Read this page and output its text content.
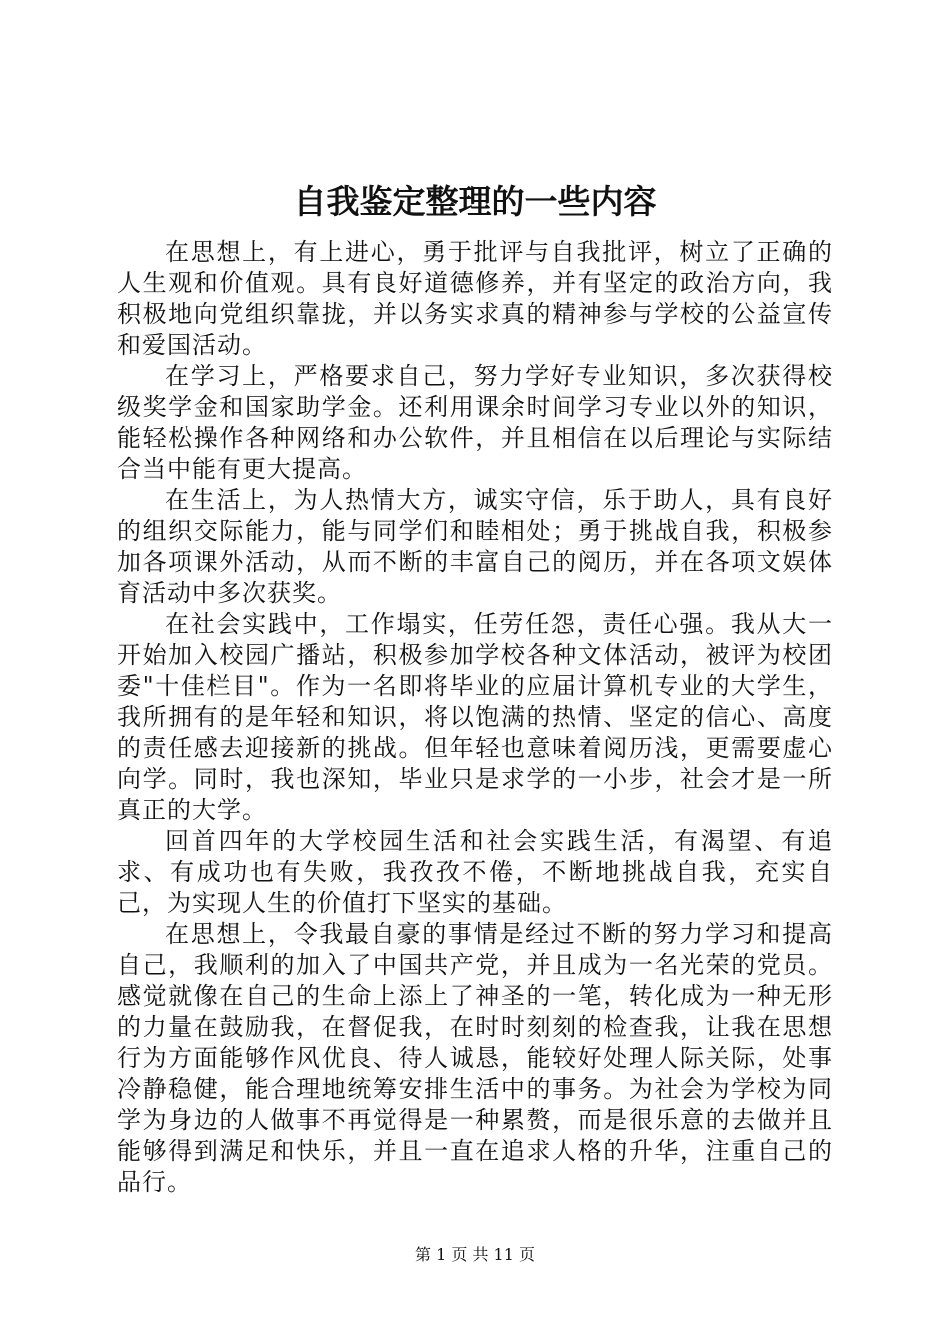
自我鉴定整理的一些内容

在思想上，有上进心，勇于批评与自我批评，树立了正确的人生观和价值观。具有良好道德修养，并有坚定的政治方向，我积极地向党组织靠拢，并以务实求真的精神参与学校的公益宣传和爱国活动。

在学习上，严格要求自己，努力学好专业知识，多次获得校级奖学金和国家助学金。还利用课余时间学习专业以外的知识，能轻松操作各种网络和办公软件，并且相信在以后理论与实际结合当中能有更大提高。

在生活上，为人热情大方，诚实守信，乐于助人，具有良好的组织交际能力，能与同学们和睦相处；勇于挑战自我，积极参加各项课外活动，从而不断的丰富自己的阅历，并在各项文娱体育活动中多次获奖。

在社会实践中，工作塌实，任劳任怨，责任心强。我从大一开始加入校园广播站，积极参加学校各种文体活动，被评为校团委"十佳栏目"。作为一名即将毕业的应届计算机专业的大学生，我所拥有的是年轻和知识，将以饱满的热情、坚定的信心、高度的责任感去迎接新的挑战。但年轻也意味着阅历浅，更需要虚心向学。同时，我也深知，毕业只是求学的一小步，社会才是一所真正的大学。

回首四年的大学校园生活和社会实践生活，有渴望、有追求、有成功也有失败，我孜孜不倦，不断地挑战自我，充实自己，为实现人生的价值打下坚实的基础。

在思想上，令我最自豪的事情是经过不断的努力学习和提高自己，我顺利的加入了中国共产党，并且成为一名光荣的党员。感觉就像在自己的生命上添上了神圣的一笔，转化成为一种无形的力量在鼓励我，在督促我，在时时刻刻的检查我，让我在思想行为方面能够作风优良、待人诚恳，能较好处理人际关际，处事冷静稳健，能合理地统筹安排生活中的事务。为社会为学校为同学为身边的人做事不再觉得是一种累赘，而是很乐意的去做并且能够得到满足和快乐，并且一直在追求人格的升华，注重自己的品行。

第 1 页 共 11 页
